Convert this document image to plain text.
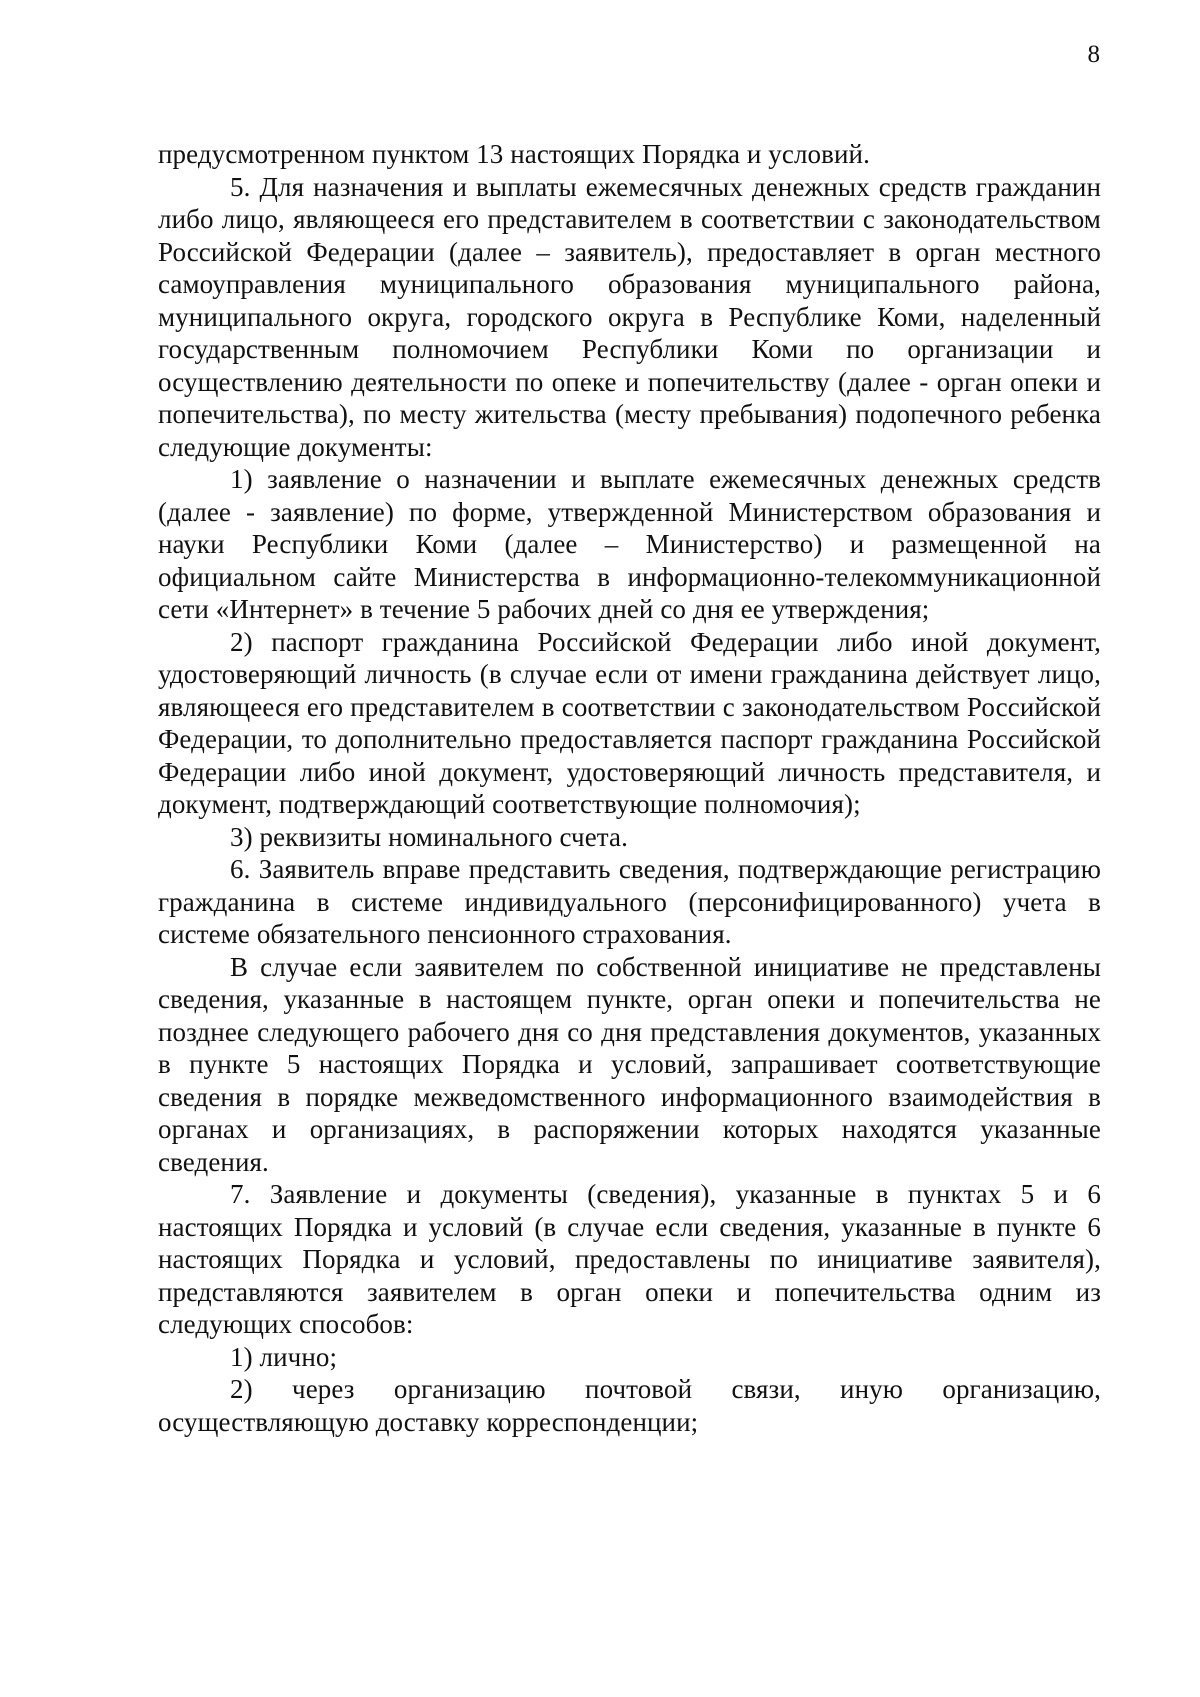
8

предусмотренном пунктом 13 настоящих Порядка и условий.

5. Для назначения и выплаты ежемесячных денежных средств гражданин либо лицо, являющееся его представителем в соответствии с законодательством Российской Федерации (далее – заявитель), предоставляет в орган местного самоуправления муниципального образования муниципального района, муниципального округа, городского округа в Республике Коми, наделенный государственным полномочием Республики Коми по организации и осуществлению деятельности по опеке и попечительству (далее - орган опеки и попечительства), по месту жительства (месту пребывания) подопечного ребенка следующие документы:

1) заявление о назначении и выплате ежемесячных денежных средств (далее - заявление) по форме, утвержденной Министерством образования и науки Республики Коми (далее – Министерство) и размещенной на официальном сайте Министерства в информационно-телекоммуникационной сети «Интернет» в течение 5 рабочих дней со дня ее утверждения;

2) паспорт гражданина Российской Федерации либо иной документ, удостоверяющий личность (в случае если от имени гражданина действует лицо, являющееся его представителем в соответствии с законодательством Российской Федерации, то дополнительно предоставляется паспорт гражданина Российской Федерации либо иной документ, удостоверяющий личность представителя, и документ, подтверждающий соответствующие полномочия);

3) реквизиты номинального счета.

6. Заявитель вправе представить сведения, подтверждающие регистрацию гражданина в системе индивидуального (персонифицированного) учета в системе обязательного пенсионного страхования.

В случае если заявителем по собственной инициативе не представлены сведения, указанные в настоящем пункте, орган опеки и попечительства не позднее следующего рабочего дня со дня представления документов, указанных в пункте 5 настоящих Порядка и условий, запрашивает соответствующие сведения в порядке межведомственного информационного взаимодействия в органах и организациях, в распоряжении которых находятся указанные сведения.

7. Заявление и документы (сведения), указанные в пунктах 5 и 6 настоящих Порядка и условий (в случае если сведения, указанные в пункте 6 настоящих Порядка и условий, предоставлены по инициативе заявителя), представляются заявителем в орган опеки и попечительства одним из следующих способов:

1) лично;

2) через организацию почтовой связи, иную организацию, осуществляющую доставку корреспонденции;
